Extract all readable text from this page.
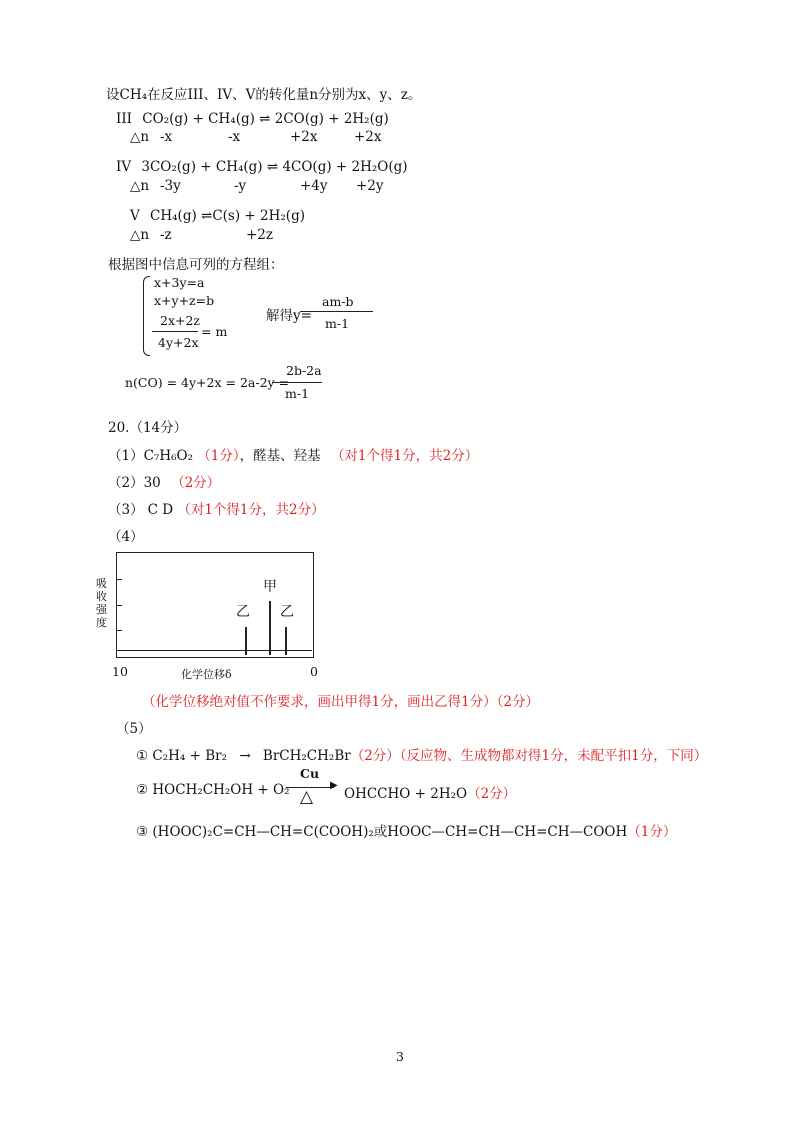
设CH₄在反应III、IV、V的转化量n分别为x、y、z。
III CO₂(g) + CH₄(g) ⇌ 2CO(g) + 2H₂(g)
△n -x	-x	+2x	+2x
IV 3CO₂(g) + CH₄(g) ⇌ 4CO(g) + 2H₂O(g)
△n -3y	-y	+4y +2y
V CH₄(g) ⇌C(s) + 2H₂(g)
△n -z	+2z
根据图中信息可列的方程组：
x+3y=a
x+y+z=b
2x+2z
4y+2x
= m
解得y=
am-b
m-1
n(CO) = 4y+2x = 2a-2y =
2b-2a
m-1
20.（14分）
（1）C₇H₆O₂ （1分），醛基、羟基 （对1个得1分，共2分）
（2）30 （2分）
（3） C D （对1个得1分，共2分）
（4）
吸
收
强
度
甲
乙 乙
10	化学位移δ	0
（化学位移绝对值不作要求，画出甲得1分，画出乙得1分）（2分）
（5）
① C₂H₄ + Br₂ → BrCH₂CH₂Br（2分）（反应物、生成物都对得1分，未配平扣1分，下同）
② HOCH₂CH₂OH + O₂
Cu
▶
△ OHCCHO + 2H₂O（2分）
③ (HOOC)₂C=CH—CH=C(COOH)₂或HOOC—CH=CH—CH=CH—COOH（1分）
3
